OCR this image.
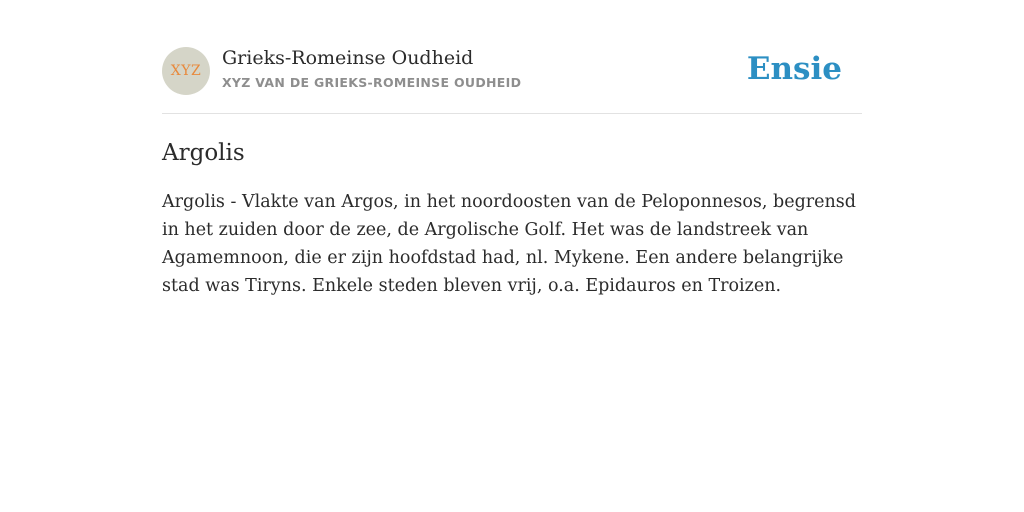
XYZ
Grieks-Romeinse Oudheid
XYZ VAN DE GRIEKS-ROMEINSE OUDHEID	Ensie
Argolis

Argolis - Vlakte van Argos, in het noordoosten van de Peloponnesos, begrensd in het zuiden door de zee, de Argolische Golf. Het was de landstreek van Agamemnoon, die er zijn hoofdstad had, nl. Mykene. Een andere belangrijke stad was Tiryns. Enkele steden bleven vrij, o.a. Epidauros en Troizen.
